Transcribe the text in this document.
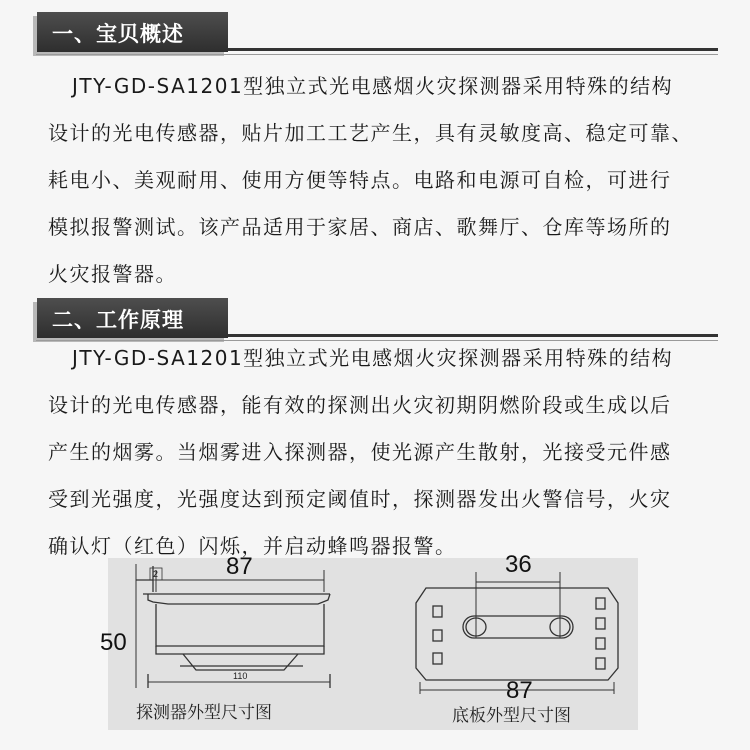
一、宝贝概述

JTY-GD-SA1201型独立式光电感烟火灾探测器采用特殊的结构
设计的光电传感器，贴片加工工艺产生，具有灵敏度高、稳定可靠、
耗电小、美观耐用、使用方便等特点。电路和电源可自检，可进行
模拟报警测试。该产品适用于家居、商店、歌舞厅、仓库等场所的
火灾报警器。

二、工作原理

JTY-GD-SA1201型独立式光电感烟火灾探测器采用特殊的结构
设计的光电传感器，能有效的探测出火灾初期阴燃阶段或生成以后
产生的烟雾。当烟雾进入探测器，使光源产生散射，光接受元件感
受到光强度，光强度达到预定阈值时，探测器发出火警信号，火灾
确认灯（红色）闪烁，并启动蜂鸣器报警。

87
50
2
110
探测器外型尺寸图
36
87
底板外型尺寸图
